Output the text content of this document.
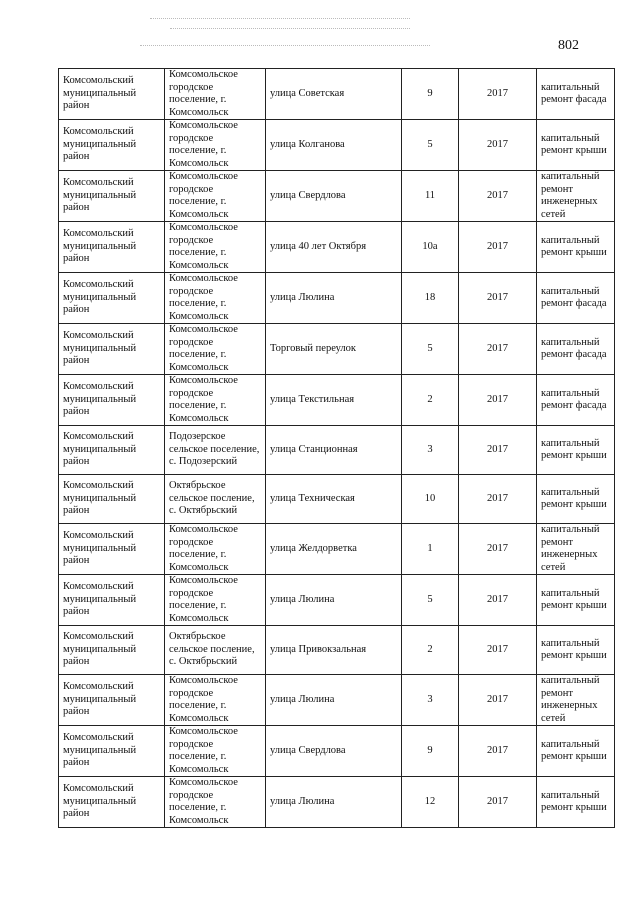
802
Комсомольский муниципальный район	Комсомольское городское поселение, г. Комсомольск	улица Советская	9	2017	капитальный ремонт фасада
Комсомольский муниципальный район	Комсомольское городское поселение, г. Комсомольск	улица Колганова	5	2017	капитальный ремонт крыши
Комсомольский муниципальный район	Комсомольское городское поселение, г. Комсомольск	улица Свердлова	11	2017	капитальный ремонт инженерных сетей
Комсомольский муниципальный район	Комсомольское городское поселение, г. Комсомольск	улица 40 лет Октября	10а	2017	капитальный ремонт крыши
Комсомольский муниципальный район	Комсомольское городское поселение, г. Комсомольск	улица Люлина	18	2017	капитальный ремонт фасада
Комсомольский муниципальный район	Комсомольское городское поселение, г. Комсомольск	Торговый переулок	5	2017	капитальный ремонт фасада
Комсомольский муниципальный район	Комсомольское городское поселение, г. Комсомольск	улица Текстильная	2	2017	капитальный ремонт фасада
Комсомольский муниципальный район	Подозерское сельское поселение, с. Подозерский	улица Станционная	3	2017	капитальный ремонт крыши
Комсомольский муниципальный район	Октябрьское сельское посление, с. Октябрьский	улица Техническая	10	2017	капитальный ремонт крыши
Комсомольский муниципальный район	Комсомольское городское поселение, г. Комсомольск	улица Желдорветка	1	2017	капитальный ремонт инженерных сетей
Комсомольский муниципальный район	Комсомольское городское поселение, г. Комсомольск	улица Люлина	5	2017	капитальный ремонт крыши
Комсомольский муниципальный район	Октябрьское сельское посление, с. Октябрьский	улица Привокзальная	2	2017	капитальный ремонт крыши
Комсомольский муниципальный район	Комсомольское городское поселение, г. Комсомольск	улица Люлина	3	2017	капитальный ремонт инженерных сетей
Комсомольский муниципальный район	Комсомольское городское поселение, г. Комсомольск	улица Свердлова	9	2017	капитальный ремонт крыши
Комсомольский муниципальный район	Комсомольское городское поселение, г. Комсомольск	улица Люлина	12	2017	капитальный ремонт крыши
